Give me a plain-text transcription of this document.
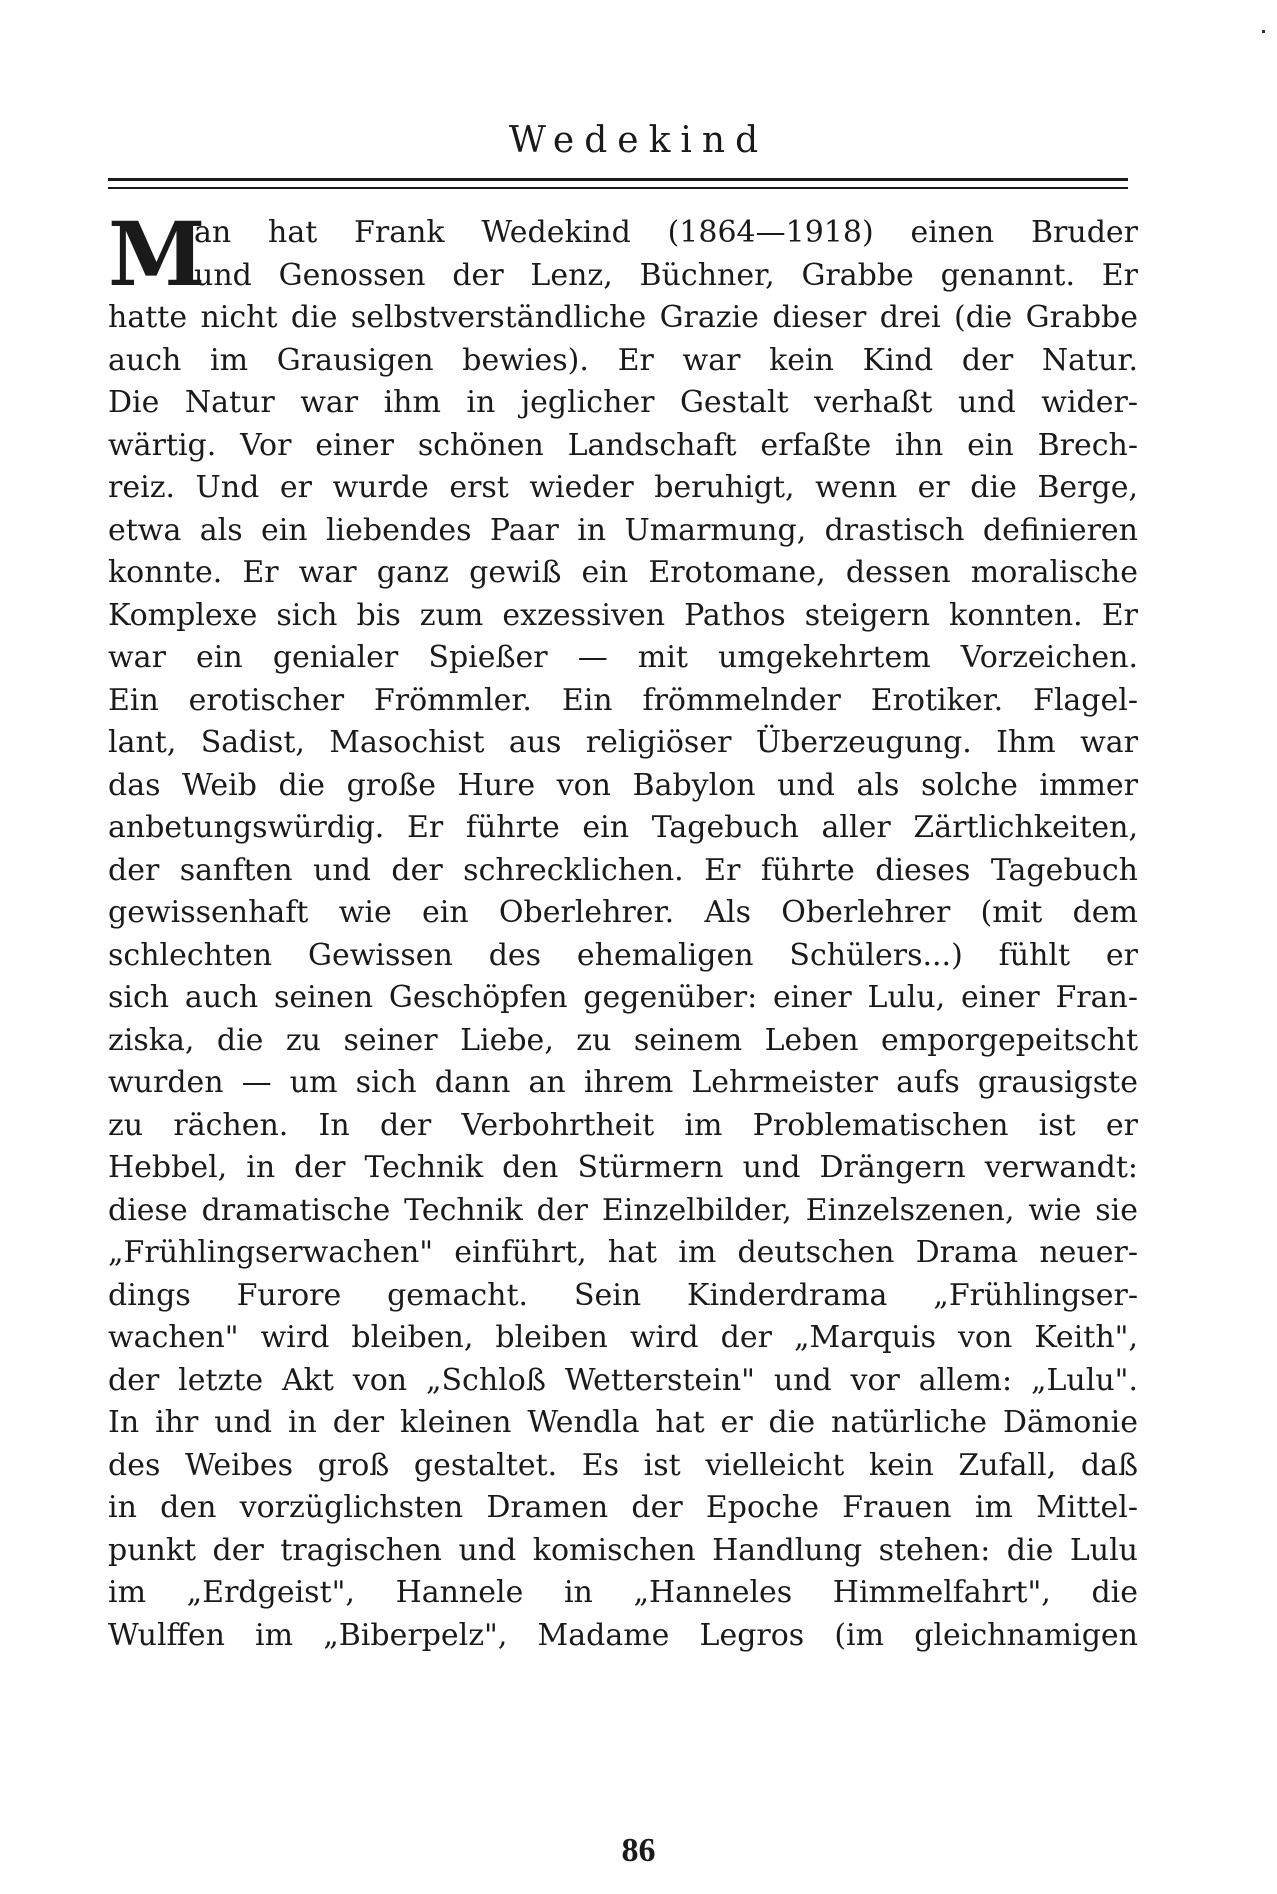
Wedekind
M
an hat Frank Wedekind (1864—1918) einen Bruder
und Genossen der Lenz, Büchner, Grabbe genannt. Er
hatte nicht die selbstverständliche Grazie dieser drei (die Grabbe
auch im Grausigen bewies). Er war kein Kind der Natur.
Die Natur war ihm in jeglicher Gestalt verhaßt und wider-
wärtig. Vor einer schönen Landschaft erfaßte ihn ein Brech-
reiz. Und er wurde erst wieder beruhigt, wenn er die Berge,
etwa als ein liebendes Paar in Umarmung, drastisch definieren
konnte. Er war ganz gewiß ein Erotomane, dessen moralische
Komplexe sich bis zum exzessiven Pathos steigern konnten. Er
war ein genialer Spießer — mit umgekehrtem Vorzeichen.
Ein erotischer Frömmler. Ein frömmelnder Erotiker. Flagel-
lant, Sadist, Masochist aus religiöser Überzeugung. Ihm war
das Weib die große Hure von Babylon und als solche immer
anbetungswürdig. Er führte ein Tagebuch aller Zärtlichkeiten,
der sanften und der schrecklichen. Er führte dieses Tagebuch
gewissenhaft wie ein Oberlehrer. Als Oberlehrer (mit dem
schlechten Gewissen des ehemaligen Schülers...) fühlt er
sich auch seinen Geschöpfen gegenüber: einer Lulu, einer Fran-
ziska, die zu seiner Liebe, zu seinem Leben emporgepeitscht
wurden — um sich dann an ihrem Lehrmeister aufs grausigste
zu rächen. In der Verbohrtheit im Problematischen ist er
Hebbel, in der Technik den Stürmern und Drängern verwandt:
diese dramatische Technik der Einzelbilder, Einzelszenen, wie sie
„Frühlingserwachen" einführt, hat im deutschen Drama neuer-
dings Furore gemacht. Sein Kinderdrama „Frühlingser-
wachen" wird bleiben, bleiben wird der „Marquis von Keith",
der letzte Akt von „Schloß Wetterstein" und vor allem: „Lulu".
In ihr und in der kleinen Wendla hat er die natürliche Dämonie
des Weibes groß gestaltet. Es ist vielleicht kein Zufall, daß
in den vorzüglichsten Dramen der Epoche Frauen im Mittel-
punkt der tragischen und komischen Handlung stehen: die Lulu
im „Erdgeist", Hannele in „Hanneles Himmelfahrt", die
Wulffen im „Biberpelz", Madame Legros (im gleichnamigen
86
